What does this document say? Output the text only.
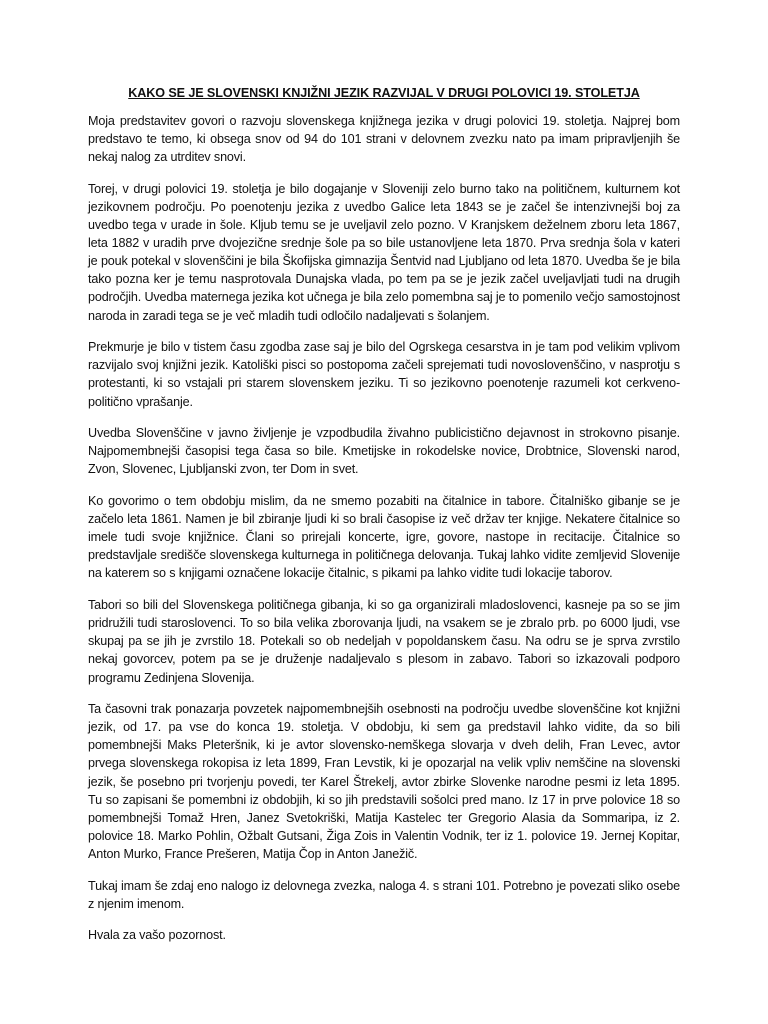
KAKO SE JE SLOVENSKI KNJIŽNI JEZIK RAZVIJAL V DRUGI POLOVICI 19. STOLETJA

Moja predstavitev govori o razvoju slovenskega knjižnega jezika v drugi polovici 19. stoletja. Najprej bom predstavo te temo, ki obsega snov od 94 do 101 strani v delovnem zvezku nato pa imam pripravljenjih še nekaj nalog za utrditev snovi.

Torej, v drugi polovici 19. stoletja je bilo dogajanje v Sloveniji zelo burno tako na političnem, kulturnem kot jezikovnem področju. Po poenotenju jezika z uvedbo Galice leta 1843 se je začel še intenzivnejši boj za uvedbo tega v urade in šole. Kljub temu se je uveljavil zelo pozno. V Kranjskem deželnem zboru leta 1867, leta 1882 v uradih prve dvojezične srednje šole pa so bile ustanovljene leta 1870. Prva srednja šola v kateri je pouk potekal v slovenščini je bila Škofijska gimnazija Šentvid nad Ljubljano od leta 1870. Uvedba še je bila tako pozna ker je temu nasprotovala Dunajska vlada, po tem pa se je jezik začel uveljavljati tudi na drugih področjih. Uvedba maternega jezika kot učnega je bila zelo pomembna saj je to pomenilo večjo samostojnost naroda in zaradi tega se je več mladih tudi odločilo nadaljevati s šolanjem.

Prekmurje je bilo v tistem času zgodba zase saj je bilo del Ogrskega cesarstva in je tam pod velikim vplivom razvijalo svoj knjižni jezik. Katoliški pisci so postopoma začeli sprejemati tudi novoslovenščino, v nasprotju s protestanti, ki so vstajali pri starem slovenskem jeziku. Ti so jezikovno poenotenje razumeli kot cerkveno-politično vprašanje.

Uvedba Slovenščine v javno življenje je vzpodbudila živahno publicistično dejavnost in strokovno pisanje. Najpomembnejši časopisi tega časa so bile. Kmetijske in rokodelske novice, Drobtnice, Slovenski narod, Zvon, Slovenec, Ljubljanski zvon, ter Dom in svet.

Ko govorimo o tem obdobju mislim, da ne smemo pozabiti na čitalnice in tabore. Čitalniško gibanje se je začelo leta 1861. Namen je bil zbiranje ljudi ki so brali časopise iz več držav ter knjige. Nekatere čitalnice so imele tudi svoje knjižnice. Člani so prirejali koncerte, igre, govore, nastope in recitacije. Čitalnice so predstavljale središče slovenskega kulturnega in političnega delovanja. Tukaj lahko vidite zemljevid Slovenije na katerem so s knjigami označene lokacije čitalnic, s pikami pa lahko vidite tudi lokacije taborov.

Tabori so bili del Slovenskega političnega gibanja, ki so ga organizirali mladoslovenci, kasneje pa so se jim pridružili tudi staroslovenci. To so bila velika zborovanja ljudi, na vsakem se je zbralo prb. po 6000 ljudi, vse skupaj pa se jih je zvrstilo 18. Potekali so ob nedeljah v popoldanskem času. Na odru se je sprva zvrstilo nekaj govorcev, potem pa se je druženje nadaljevalo s plesom in zabavo. Tabori so izkazovali podporo programu Zedinjena Slovenija.

Ta časovni trak ponazarja povzetek najpomembnejših osebnosti na področju uvedbe slovenščine kot knjižni jezik, od 17. pa vse do konca 19. stoletja. V obdobju, ki sem ga predstavil lahko vidite, da so bili pomembnejši Maks Pleteršnik, ki je avtor slovensko-nemškega slovarja v dveh delih, Fran Levec, avtor prvega slovenskega rokopisa iz leta 1899, Fran Levstik, ki je opozarjal na velik vpliv nemščine na slovenski jezik, še posebno pri tvorjenju povedi, ter Karel Štrekelj, avtor zbirke Slovenke narodne pesmi iz leta 1895. Tu so zapisani še pomembni iz obdobjih, ki so jih predstavili sošolci pred mano. Iz 17 in prve polovice 18 so pomembnejši Tomaž Hren, Janez Svetokriški, Matija Kastelec ter Gregorio Alasia da Sommaripa, iz 2. polovice 18. Marko Pohlin, Ožbalt Gutsani, Žiga Zois in Valentin Vodnik, ter iz 1. polovice 19. Jernej Kopitar, Anton Murko, France Prešeren, Matija Čop in Anton Janežič.

Tukaj imam še zdaj eno nalogo iz delovnega zvezka, naloga 4. s strani 101. Potrebno je povezati sliko osebe z njenim imenom.

Hvala za vašo pozornost.
